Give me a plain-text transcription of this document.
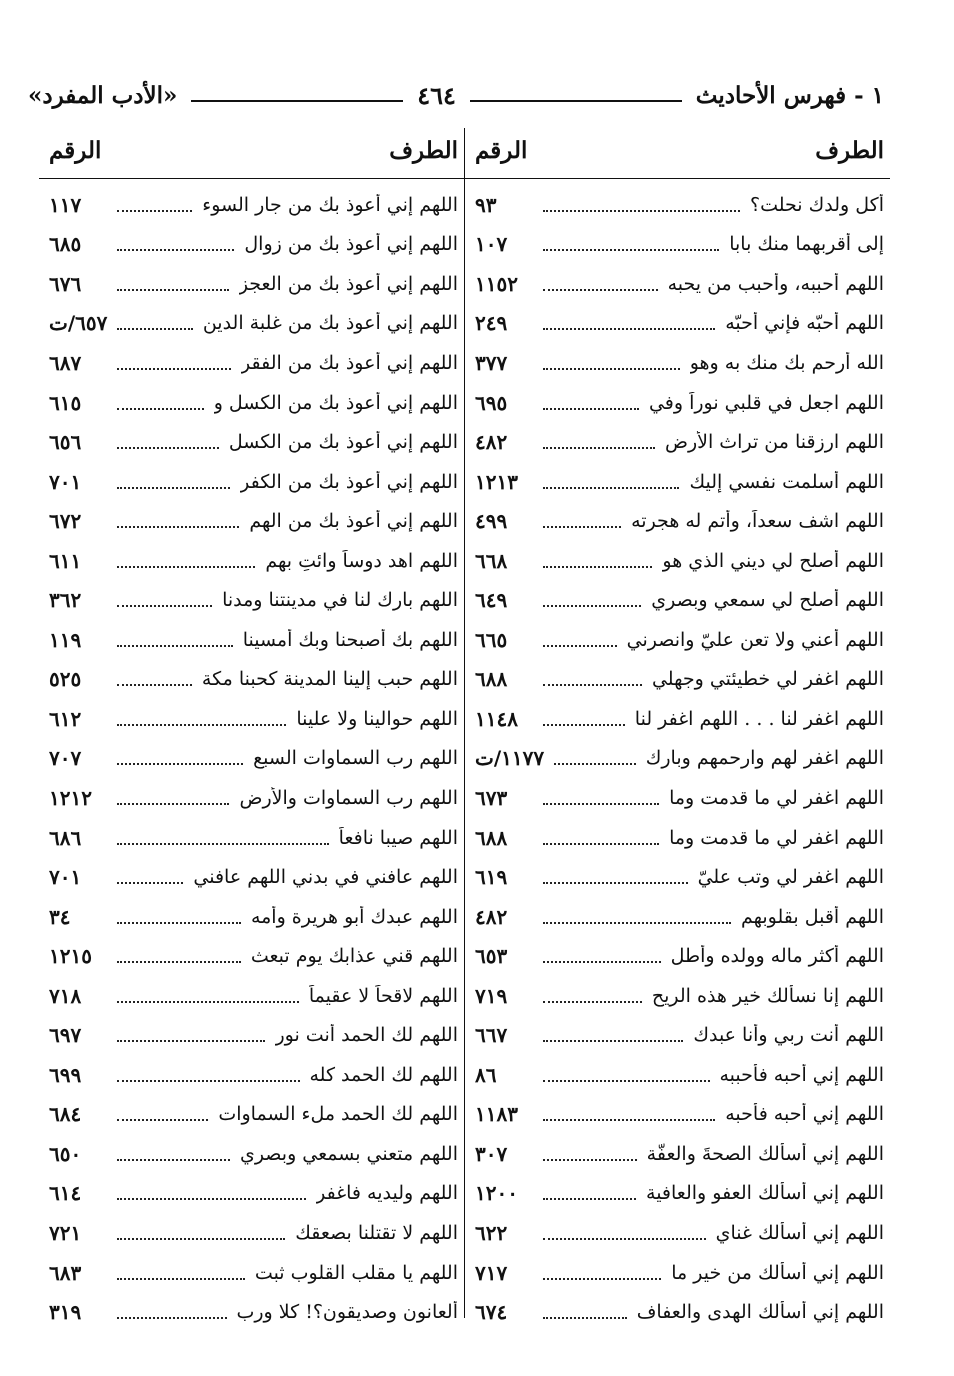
١ - فهرس الأحاديث
٤٦٤
«الأدب المفرد»
الطرف
الرقم
أكل ولدك نحلت؟
٩٣
إلى أقربهما منك بابا
١٠٧
اللهم أحببه، وأحبب من يحبه
١١٥٢
اللهم أحبّه فإني أحبّه
٢٤٩
الله أرحم بك منك به وهو
٣٧٧
اللهم اجعل في قلبي نوراً وفي
٦٩٥
اللهم ارزقنا من تراث الأرض
٤٨٢
اللهم أسلمت نفسي إليك
١٢١٣
اللهم اشف سعداً، وأتم له هجرته
٤٩٩
اللهم أصلح لي ديني الذي هو
٦٦٨
اللهم أصلح لي سمعي وبصري
٦٤٩
اللهم أعني ولا تعن عليّ وانصرني
٦٦٥
اللهم اغفر لي خطيئتي وجهلي
٦٨٨
اللهم اغفر لنا . . . اللهم اغفر لنا
١١٤٨
اللهم اغفر لهم وارحمهم وبارك
١١٧٧/ت
اللهم اغفر لي ما قدمت وما
٦٧٣
اللهم اغفر لي ما قدمت وما
٦٨٨
اللهم اغفر لي وتب عليّ
٦١٩
اللهم أقبل بقلوبهم
٤٨٢
اللهم أكثر ماله وولده وأطل
٦٥٣
اللهم إنا نسألك خير هذه الريح
٧١٩
اللهم أنت ربي وأنا عبدك
٦٦٧
اللهم إني أحبه فأحببه
٨٦
اللهم إني أحبه فأحبه
١١٨٣
اللهم إني أسألك الصحةَ والعفّة
٣٠٧
اللهم إني أسألك العفو والعافية
١٢٠٠
اللهم إني أسألك غناي
٦٢٢
اللهم إني أسألك من خير ما
٧١٧
اللهم إني أسألك الهدى والعفاف
٦٧٤
الطرف
الرقم
اللهم إني أعوذ بك من جار السوء
١١٧
اللهم إني أعوذ بك من زوال
٦٨٥
اللهم إني أعوذ بك من العجز
٦٧٦
اللهم إني أعوذ بك من غلبة الدين
٦٥٧/ت
اللهم إني أعوذ بك من الفقر
٦٨٧
اللهم إني أعوذ بك من الكسل و
٦١٥
اللهم إني أعوذ بك من الكسل
٦٥٦
اللهم إني أعوذ بك من الكفر
٧٠١
اللهم إني أعوذ بك من الهم
٦٧٢
اللهم اهد دوساً وائتِ بهم
٦١١
اللهم بارك لنا في مدينتنا ومدنا
٣٦٢
اللهم بك أصبحنا وبك أمسينا
١١٩
اللهم حبب إلينا المدينة كحبنا مكة
٥٢٥
اللهم حوالينا ولا علينا
٦١٢
اللهم رب السماوات السبع
٧٠٧
اللهم رب السماوات والأرض
١٢١٢
اللهم صيبا نافعاً
٦٨٦
اللهم عافني في بدني اللهم عافني
٧٠١
اللهم عبدك أبو هريرة وأمه
٣٤
اللهم قني عذابك يوم تبعث
١٢١٥
اللهم لاقحاً لا عقيماً
٧١٨
اللهم لك الحمد أنت نور
٦٩٧
اللهم لك الحمد كله
٦٩٩
اللهم لك الحمد ملء السماوات
٦٨٤
اللهم متعني بسمعي وبصري
٦٥٠
اللهم وليديه فاغفر
٦١٤
اللهم لا تقتلنا بصعقك
٧٢١
اللهم يا مقلب القلوب ثبت
٦٨٣
ألعانون وصديقون؟! كلا ورب
٣١٩
